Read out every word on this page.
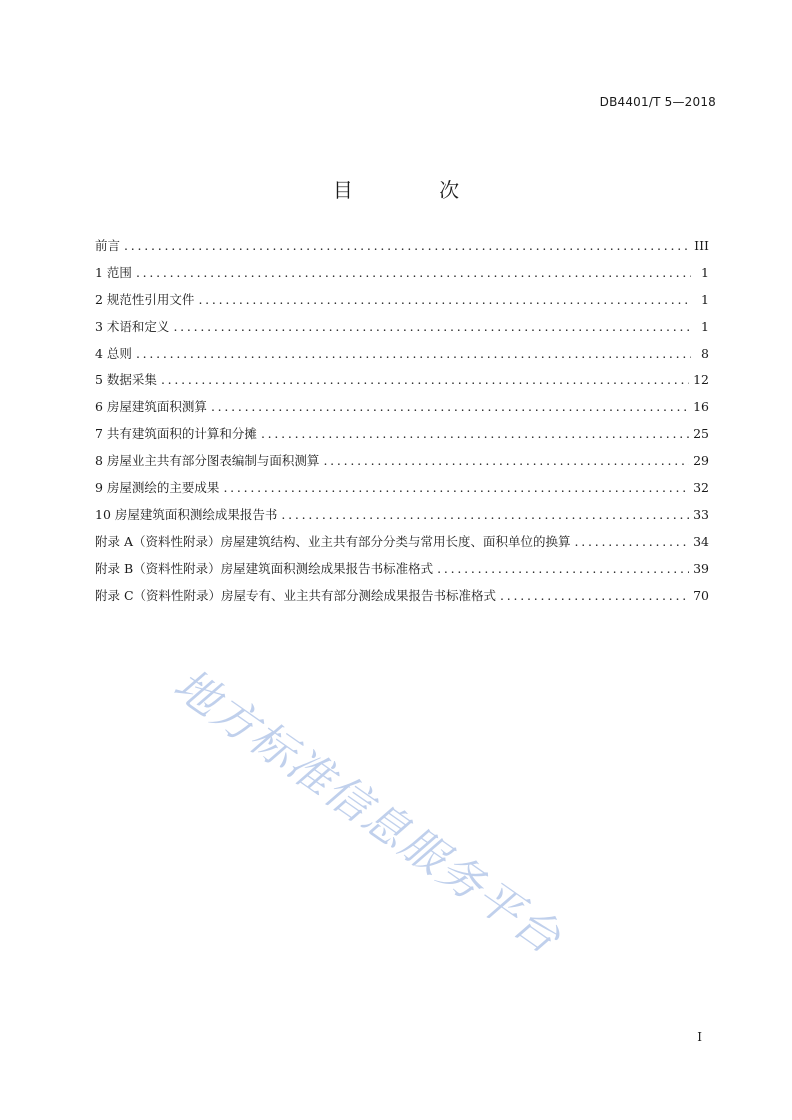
DB4401/T 5—2018
目 次
前言 . . .	III
1 范围 . . .	1
2 规范性引用文件 . . .	1
3 术语和定义 . . .	1
4 总则 . . .	8
5 数据采集 . . .	12
6 房屋建筑面积测算 . . .	16
7 共有建筑面积的计算和分摊 . . .	25
8 房屋业主共有部分图表编制与面积测算 . . .	29
9 房屋测绘的主要成果 . . .	32
10 房屋建筑面积测绘成果报告书 . . .	33
附录 A（资料性附录）房屋建筑结构、业主共有部分分类与常用长度、面积单位的换算 . . .	34
附录 B（资料性附录）房屋建筑面积测绘成果报告书标准格式 . . .	39
附录 C（资料性附录）房屋专有、业主共有部分测绘成果报告书标准格式 . . .	70
地方标准信息服务平台
I
